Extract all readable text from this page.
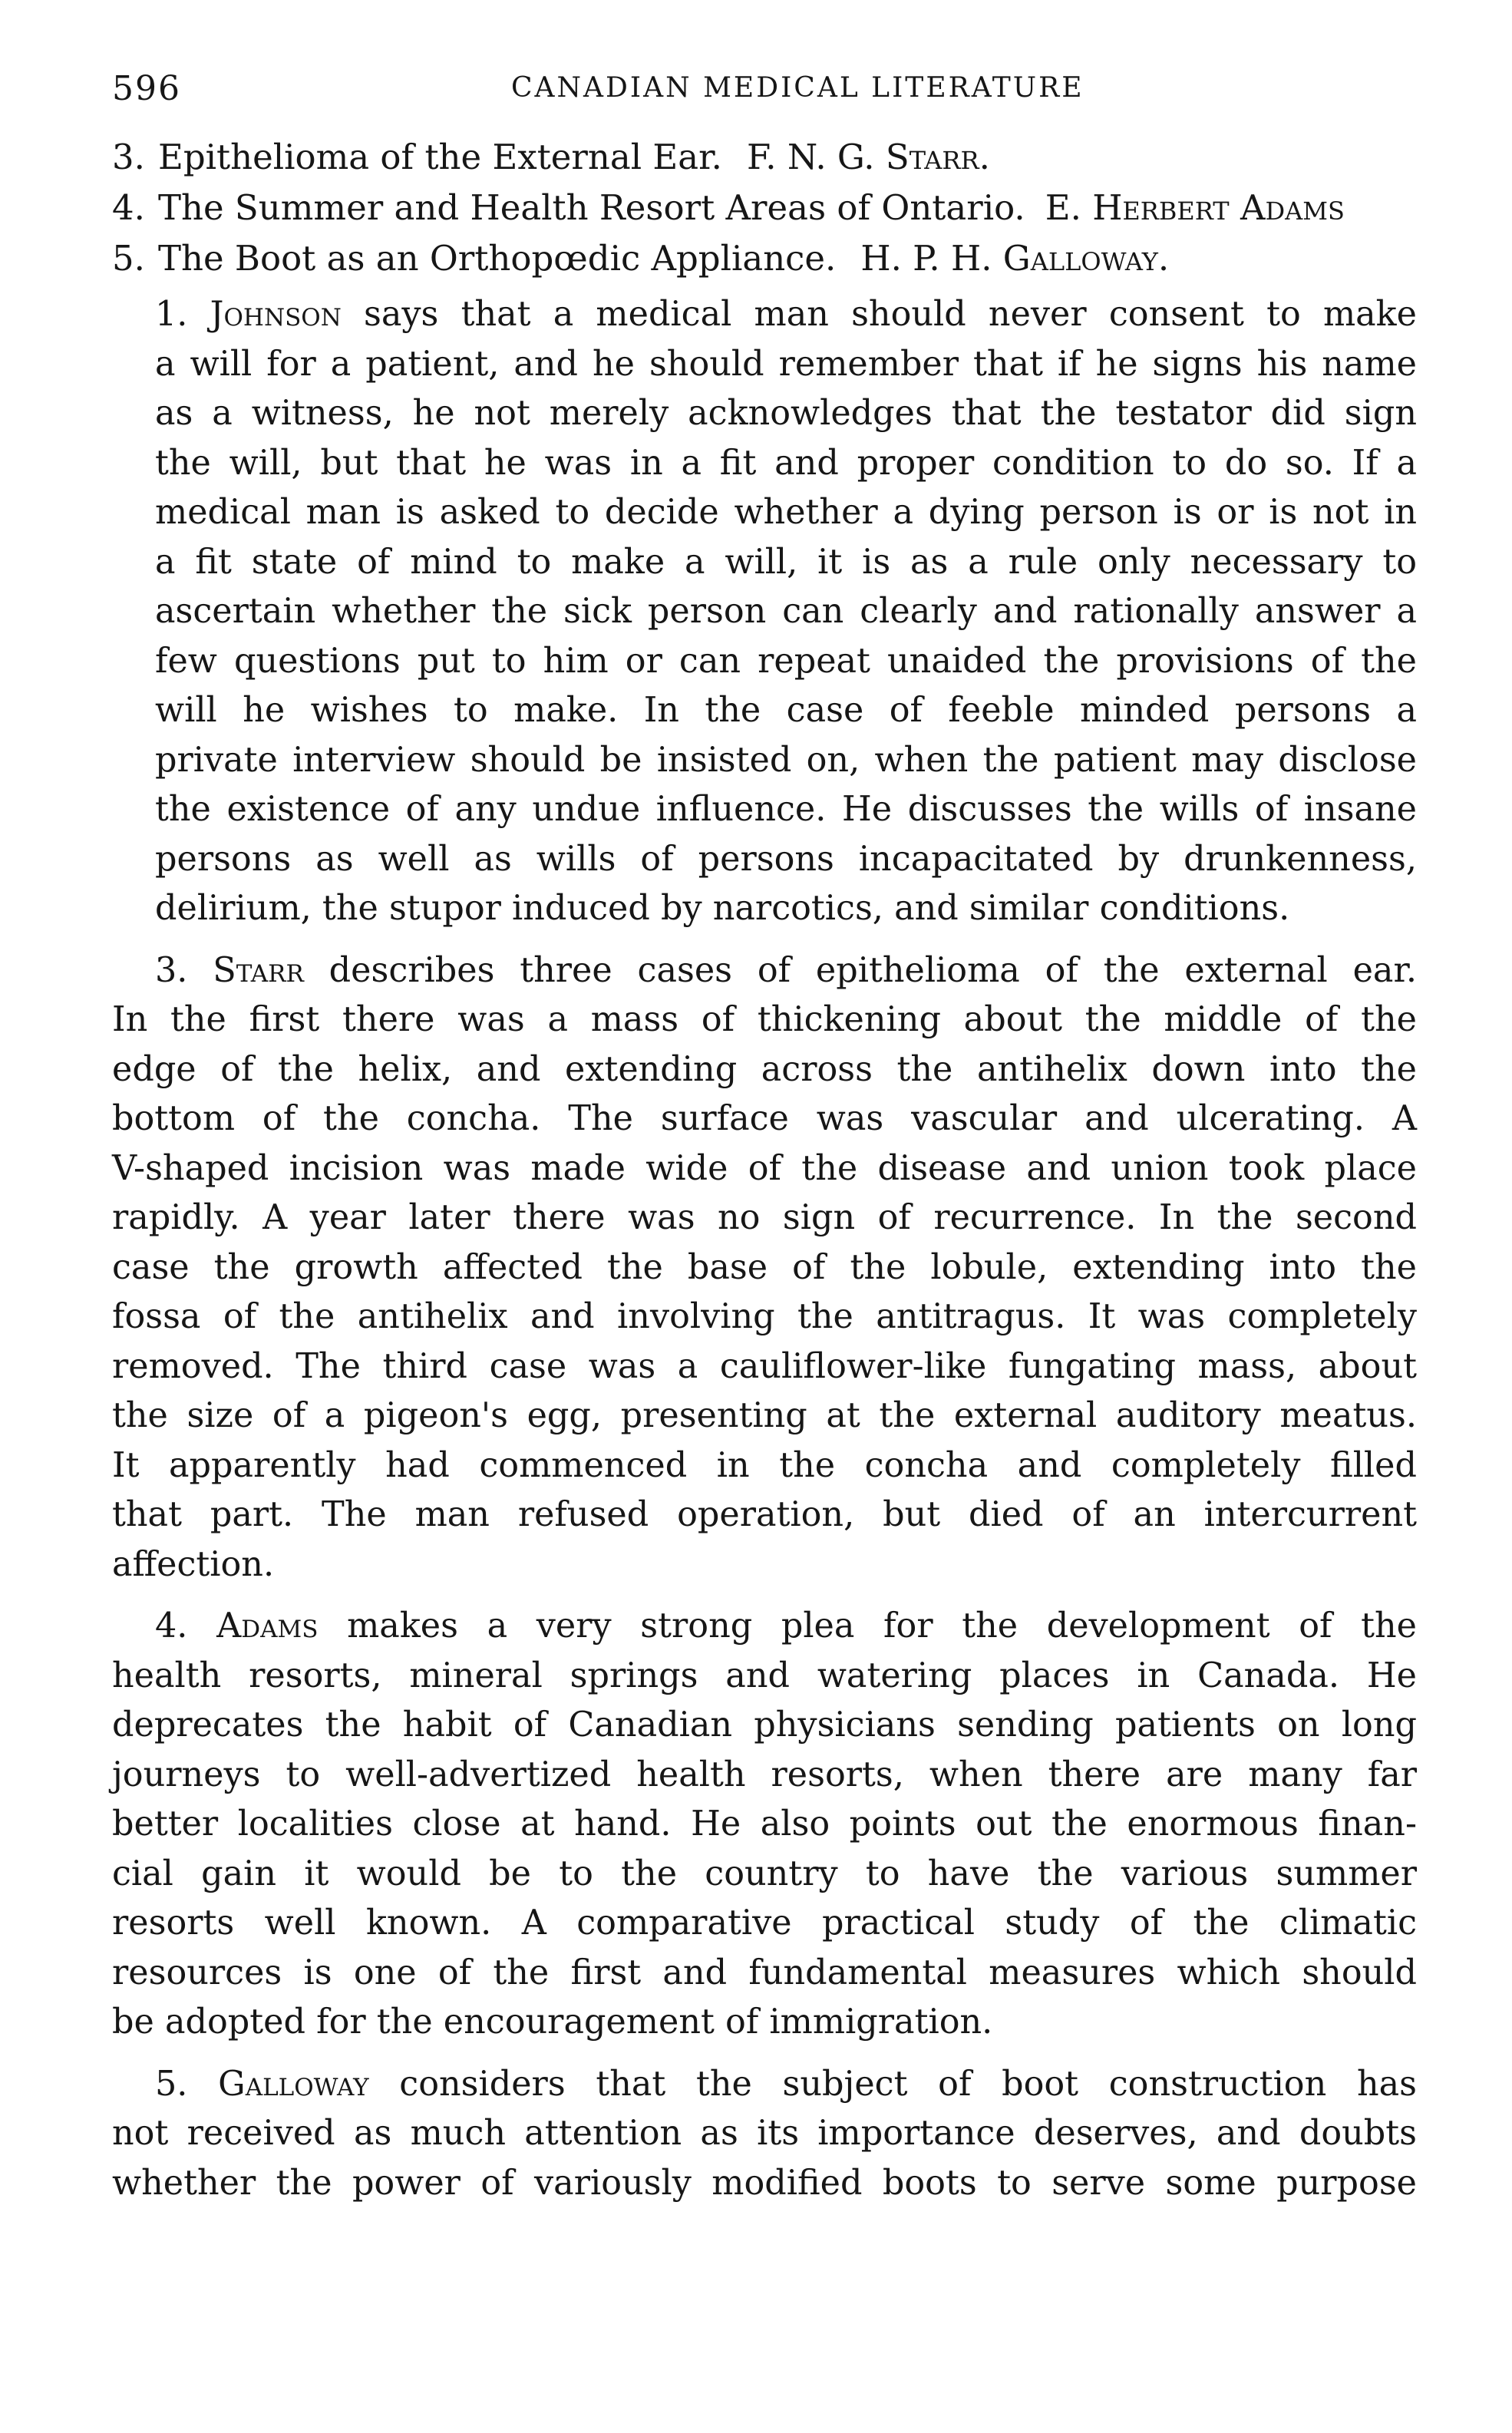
596	CANADIAN MEDICAL LITERATURE
3. Epithelioma of the External Ear. F. N. G. Starr.
4. The Summer and Health Resort Areas of Ontario. E. Herbert Adams
5. The Boot as an Orthopœdic Appliance. H. P. H. Galloway.
1. Johnson says that a medical man should never consent to make
a will for a patient, and he should remember that if he signs his name
as a witness, he not merely acknowledges that the testator did sign
the will, but that he was in a fit and proper condition to do so. If a
medical man is asked to decide whether a dying person is or is not in
a fit state of mind to make a will, it is as a rule only necessary to
ascertain whether the sick person can clearly and rationally answer a
few questions put to him or can repeat unaided the provisions of the
will he wishes to make. In the case of feeble minded persons a
private interview should be insisted on, when the patient may disclose
the existence of any undue influence. He discusses the wills of insane
persons as well as wills of persons incapacitated by drunkenness,
delirium, the stupor induced by narcotics, and similar conditions.
3. Starr describes three cases of epithelioma of the external ear.
In the first there was a mass of thickening about the middle of the
edge of the helix, and extending across the antihelix down into the
bottom of the concha. The surface was vascular and ulcerating. A
V-shaped incision was made wide of the disease and union took place
rapidly. A year later there was no sign of recurrence. In the second
case the growth affected the base of the lobule, extending into the
fossa of the antihelix and involving the antitragus. It was completely
removed. The third case was a cauliflower-like fungating mass, about
the size of a pigeon's egg, presenting at the external auditory meatus.
It apparently had commenced in the concha and completely filled
that part. The man refused operation, but died of an intercurrent
affection.
4. Adams makes a very strong plea for the development of the
health resorts, mineral springs and watering places in Canada. He
deprecates the habit of Canadian physicians sending patients on long
journeys to well-advertized health resorts, when there are many far
better localities close at hand. He also points out the enormous finan-
cial gain it would be to the country to have the various summer
resorts well known. A comparative practical study of the climatic
resources is one of the first and fundamental measures which should
be adopted for the encouragement of immigration.
5. Galloway considers that the subject of boot construction has
not received as much attention as its importance deserves, and doubts
whether the power of variously modified boots to serve some purpose
